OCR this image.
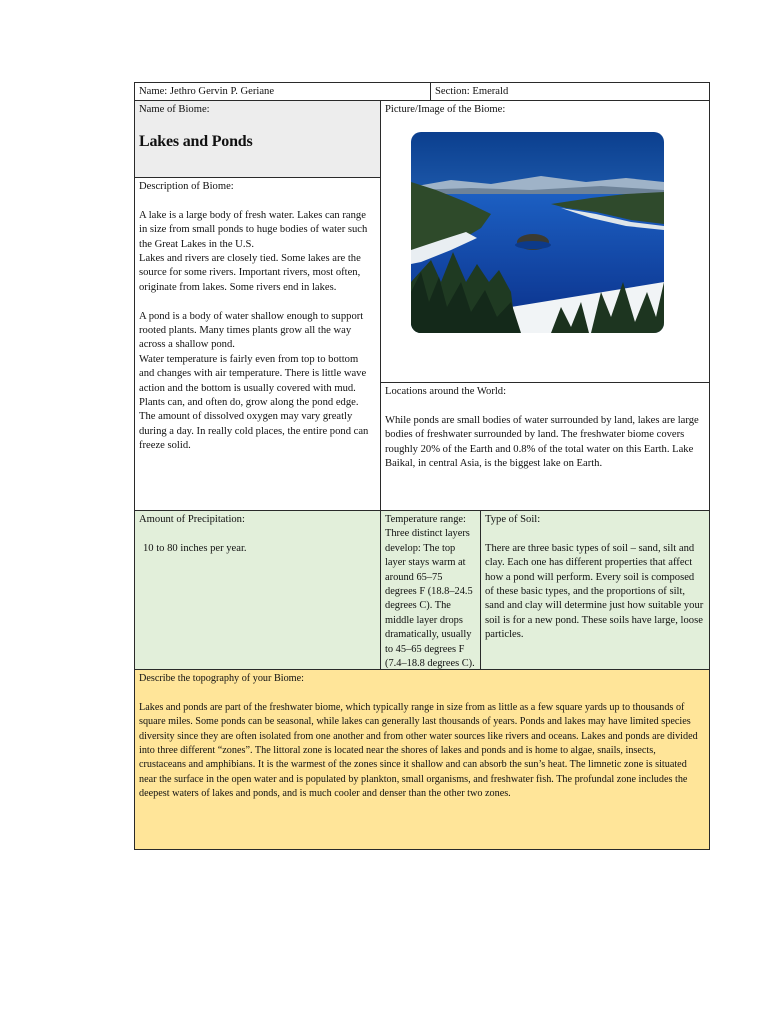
Name: Jethro Gervin P. Geriane	Section: Emerald
Name of Biome:
Lakes and Ponds
Description of Biome:

A lake is a large body of fresh water. Lakes can range in size from small ponds to huge bodies of water such the Great Lakes in the U.S.

Lakes and rivers are closely tied. Some lakes are the source for some rivers. Important rivers, most often, originate from lakes. Some rivers end in lakes.

A pond is a body of water shallow enough to support rooted plants. Many times plants grow all the way across a shallow pond.

Water temperature is fairly even from top to bottom and changes with air temperature. There is little wave action and the bottom is usually covered with mud. Plants can, and often do, grow along the pond edge. The amount of dissolved oxygen may vary greatly during a day. In really cold places, the entire pond can freeze solid.

Picture/Image of the Biome:
Locations around the World:

While ponds are small bodies of water surrounded by land, lakes are large bodies of freshwater surrounded by land. The freshwater biome covers roughly 20% of the Earth and 0.8% of the total water on this Earth. Lake Baikal, in central Asia, is the biggest lake on Earth.

Amount of Precipitation:

10 to 80 inches per year.

Temperature range:

Three distinct layers develop: The top layer stays warm at around 65–75 degrees F (18.8–24.5 degrees C). The middle layer drops dramatically, usually to 45–65 degrees F (7.4–18.8 degrees C).

Type of Soil:

There are three basic types of soil – sand, silt and clay. Each one has different properties that affect how a pond will perform. Every soil is composed of these basic types, and the proportions of silt, sand and clay will determine just how suitable your soil is for a new pond. These soils have large, loose particles.

Describe the topography of your Biome:

Lakes and ponds are part of the freshwater biome, which typically range in size from as little as a few square yards up to thousands of square miles. Some ponds can be seasonal, while lakes can generally last thousands of years. Ponds and lakes may have limited species diversity since they are often isolated from one another and from other water sources like rivers and oceans. Lakes and ponds are divided into three different “zones”. The littoral zone is located near the shores of lakes and ponds and is home to algae, snails, insects, crustaceans and amphibians. It is the warmest of the zones since it shallow and can absorb the sun’s heat. The limnetic zone is situated near the surface in the open water and is populated by plankton, small organisms, and freshwater fish. The profundal zone includes the deepest waters of lakes and ponds, and is much cooler and denser than the other two zones.
